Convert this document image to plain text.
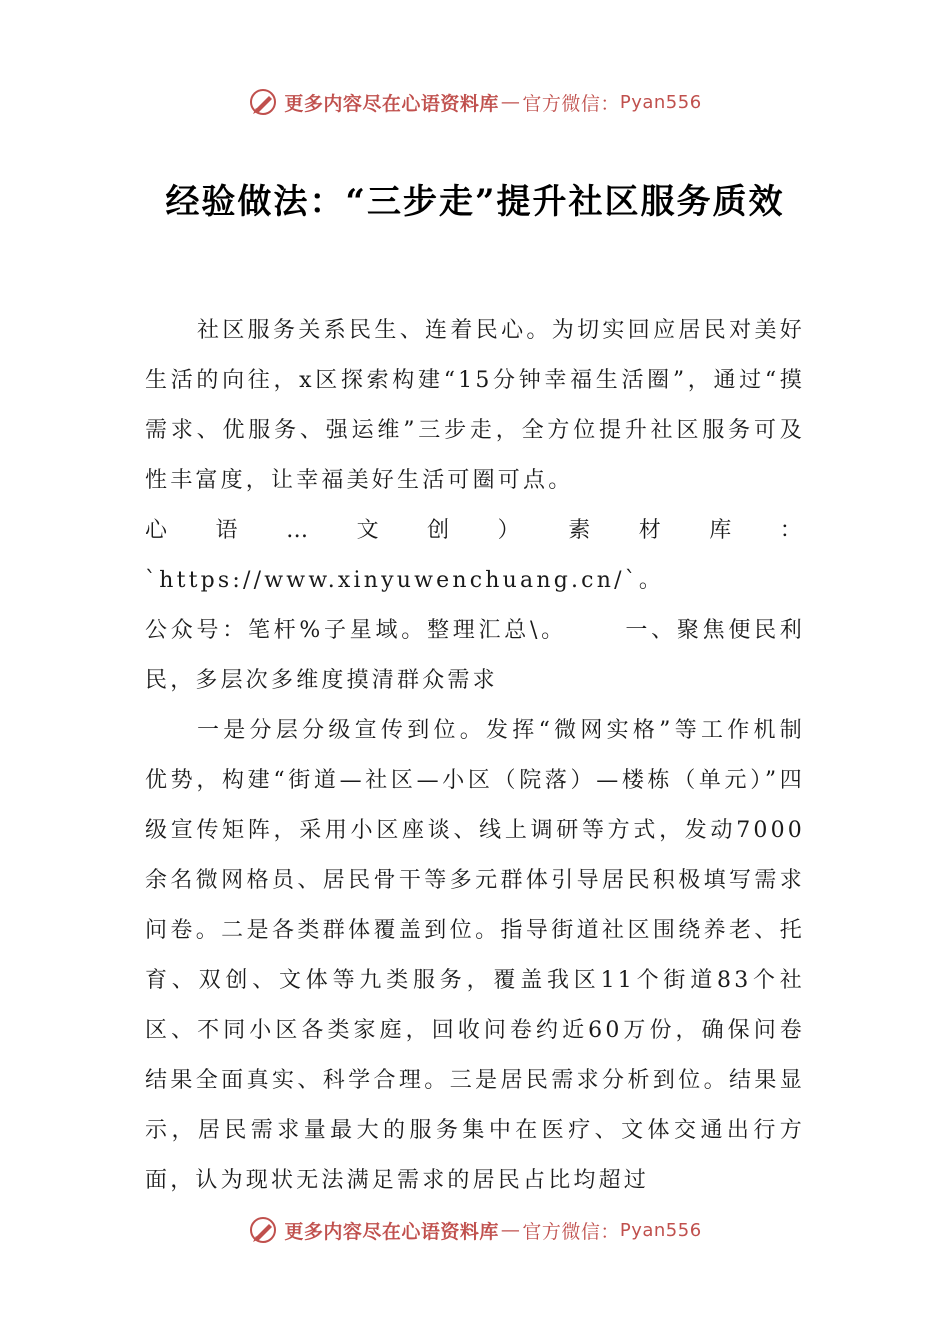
更多内容尽在心语资料库 — 官方微信： Pyan556
经验做法：“三步走”提升社区服务质效

社区服务关系民生、连着民心。为切实回应居民对美好生活的向往，x区探索构建“15分钟幸福生活圈”，通过“摸需求、优服务、强运维”三步走，全方位提升社区服务可及性丰富度，让幸福美好生活可圈可点。

心语…文创）素材库：`https://www.xinyuwenchuang.cn/`。

公众号：笔杆%子星域。整理汇总\。	一、聚焦便民利民，多层次多维度摸清群众需求

一是分层分级宣传到位。发挥“微网实格”等工作机制优势，构建“街道—社区—小区（院落）—楼栋（单元）”四级宣传矩阵，采用小区座谈、线上调研等方式，发动7000余名微网格员、居民骨干等多元群体引导居民积极填写需求问卷。二是各类群体覆盖到位。指导街道社区围绕养老、托育、双创、文体等九类服务，覆盖我区11个街道83个社区、不同小区各类家庭，回收问卷约近60万份，确保问卷结果全面真实、科学合理。三是居民需求分析到位。结果显示，居民需求量最大的服务集中在医疗、文体交通出行方面，认为现状无法满足需求的居民占比均超过

更多内容尽在心语资料库 — 官方微信： Pyan556
